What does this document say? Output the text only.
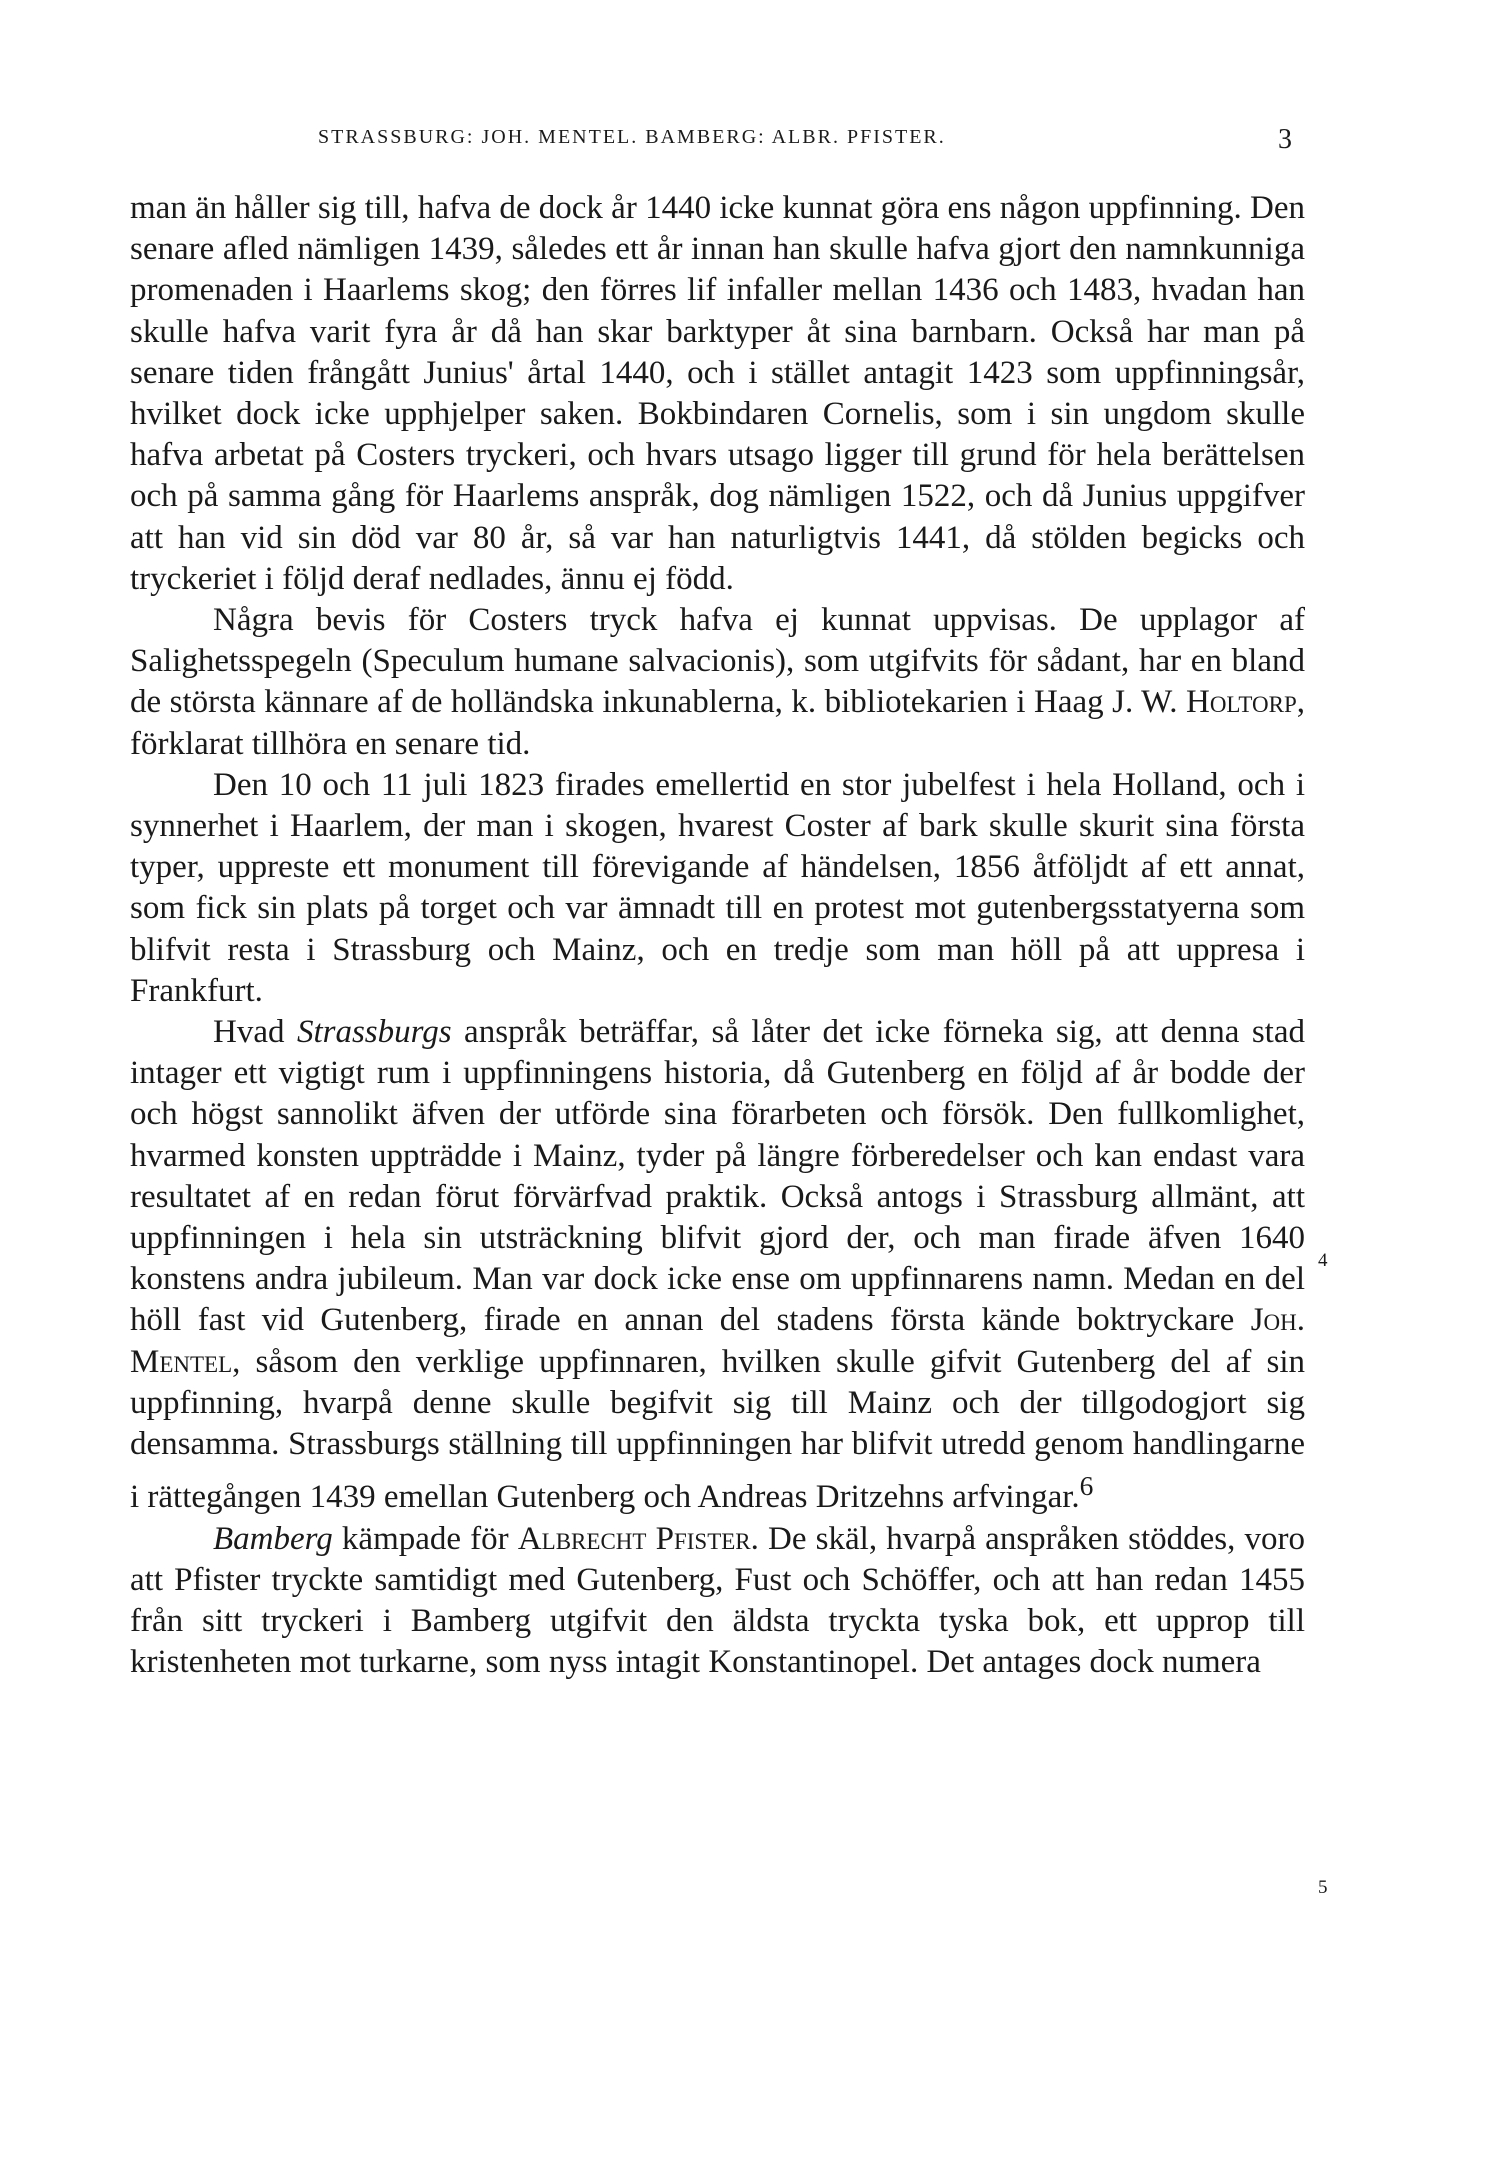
STRASSBURG: JOH. MENTEL. BAMBERG: ALBR. PFISTER.	3

man än håller sig till, hafva de dock år 1440 icke kunnat göra ens någon uppfinning. Den senare afled nämligen 1439, således ett år innan han skulle hafva gjort den namnkunniga promenaden i Haarlems skog; den förres lif infaller mellan 1436 och 1483, hvadan han skulle hafva varit fyra år då han skar barktyper åt sina barnbarn. Också har man på senare tiden frångått Junius' årtal 1440, och i stället antagit 1423 som uppfinningsår, hvilket dock icke upphjelper saken. Bokbindaren Cornelis, som i sin ungdom skulle hafva arbetat på Costers tryckeri, och hvars utsago ligger till grund för hela berättelsen och på samma gång för Haarlems anspråk, dog nämligen 1522, och då Junius uppgifver att han vid sin död var 80 år, så var han naturligtvis 1441, då stölden begicks och tryckeriet i följd deraf nedlades, ännu ej född.

Några bevis för Costers tryck hafva ej kunnat uppvisas. De upplagor af Salighetsspegeln (Speculum humane salvacionis), som utgifvits för sådant, har en bland de största kännare af de holländska inkunablerna, k. bibliotekarien i Haag J. W. Holtorp, förklarat tillhöra en senare tid.

Den 10 och 11 juli 1823 firades emellertid en stor jubelfest i hela Holland, och i synnerhet i Haarlem, der man i skogen, hvarest Coster af bark skulle skurit sina första typer, uppreste ett monument till förevigande af händelsen, 1856 åtföljdt af ett annat, som fick sin plats på torget och var ämnadt till en protest mot gutenbergsstatyerna som blifvit resta i Strassburg och Mainz, och en tredje som man höll på att uppresa i Frankfurt.

Hvad Strassburgs anspråk beträffar, så låter det icke förneka sig, att denna stad intager ett vigtigt rum i uppfinningens historia, då Gutenberg en följd af år bodde der och högst sannolikt äfven der utförde sina förarbeten och försök. Den fullkomlighet, hvarmed konsten uppträdde i Mainz, tyder på längre förberedelser och kan endast vara resultatet af en redan förut förvärfvad praktik. Också antogs i Strassburg allmänt, att uppfinningen i hela sin utsträckning blifvit gjord der, och man firade äfven 1640 konstens andra jubileum. Man var dock icke ense om uppfinnarens namn. Medan en del höll fast vid Gutenberg, firade en annan del stadens första kände boktryckare Joh. Mentel, såsom den verklige uppfinnaren, hvilken skulle gifvit Gutenberg del af sin uppfinning, hvarpå denne skulle begifvit sig till Mainz och der tillgodogjort sig densamma. Strassburgs ställning till uppfinningen har blifvit utredd genom handlingarne i rättegången 1439 emellan Gutenberg och Andreas Dritzehns arfvingar.$^6$

Bamberg kämpade för Albrecht Pfister. De skäl, hvarpå anspråken stöddes, voro att Pfister tryckte samtidigt med Gutenberg, Fust och Schöffer, och att han redan 1455 från sitt tryckeri i Bamberg utgifvit den äldsta tryckta tyska bok, ett upprop till kristenheten mot turkarne, som nyss intagit Konstantinopel. Det antages dock numera

4
5
